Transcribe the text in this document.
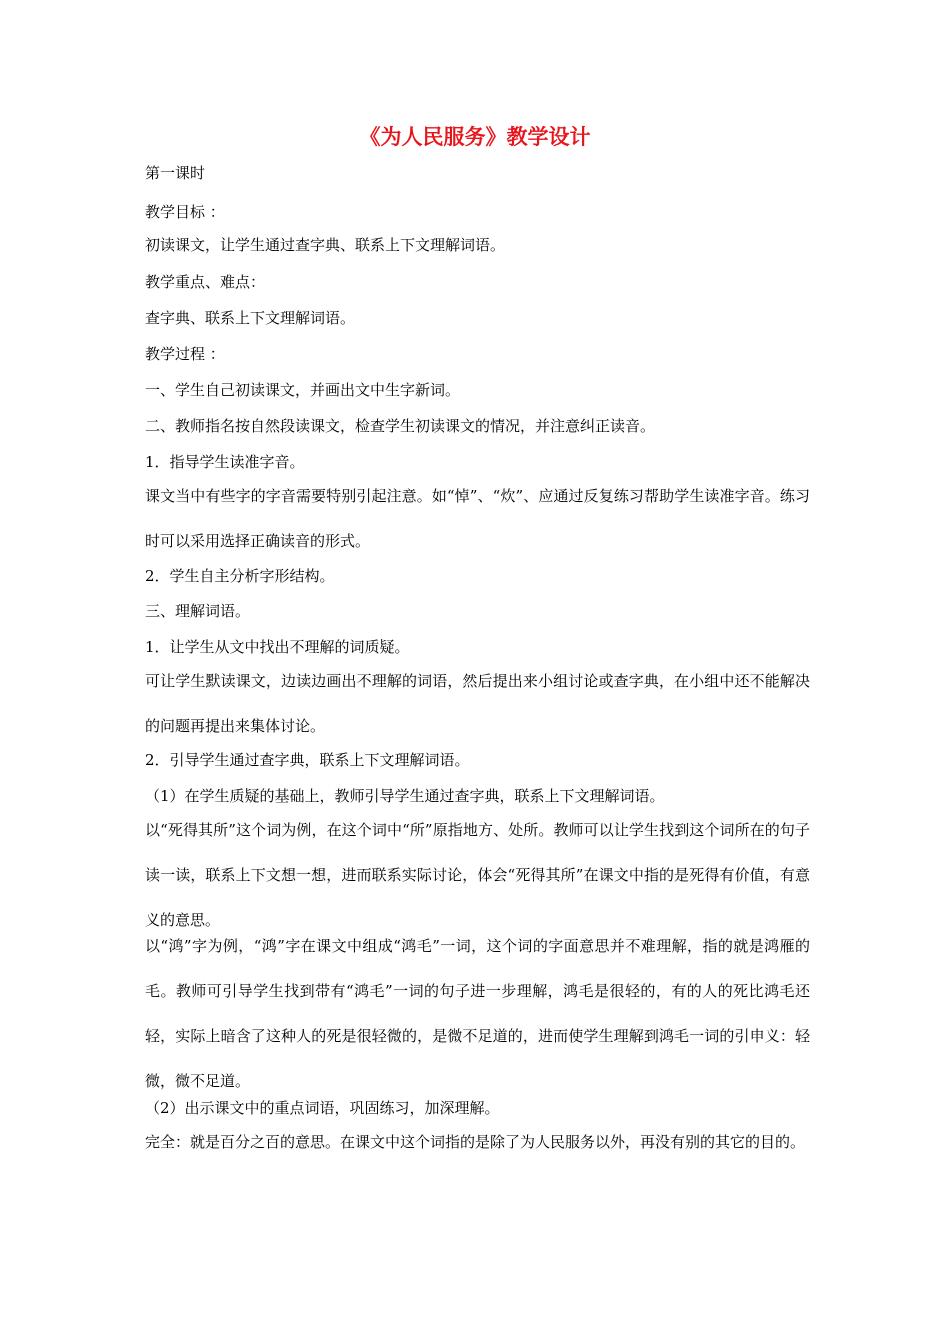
《为人民服务》教学设计
第一课时
教学目标 ：
初读课文，让学生通过查字典、联系上下文理解词语。
教学重点、难点：
查字典、联系上下文理解词语。
教学过程 ：
一、学生自己初读课文，并画出文中生字新词。
二、教师指名按自然段读课文，检查学生初读课文的情况，并注意纠正读音。
1．指导学生读准字音。
课文当中有些字的字音需要特别引起注意。如“悼”、“炊”、应通过反复练习帮助学生读准字音。练习时可以采用选择正确读音的形式。
2．学生自主分析字形结构。
三、理解词语。
1．让学生从文中找出不理解的词质疑。
可让学生默读课文，边读边画出不理解的词语，然后提出来小组讨论或查字典，在小组中还不能解决的问题再提出来集体讨论。
2．引导学生通过查字典，联系上下文理解词语。
（1）在学生质疑的基础上，教师引导学生通过查字典，联系上下文理解词语。
以“死得其所”这个词为例，在这个词中“所”原指地方、处所。教师可以让学生找到这个词所在的句子读一读，联系上下文想一想，进而联系实际讨论，体会“死得其所”在课文中指的是死得有价值，有意义的意思。
以“鸿”字为例，“鸿”字在课文中组成“鸿毛”一词，这个词的字面意思并不难理解，指的就是鸿雁的毛。教师可引导学生找到带有“鸿毛”一词的句子进一步理解，鸿毛是很轻的，有的人的死比鸿毛还轻，实际上暗含了这种人的死是很轻微的，是微不足道的，进而使学生理解到鸿毛一词的引申义：轻微，微不足道。
（2）出示课文中的重点词语，巩固练习，加深理解。
完全：就是百分之百的意思。在课文中这个词指的是除了为人民服务以外，再没有别的其它的目的。
